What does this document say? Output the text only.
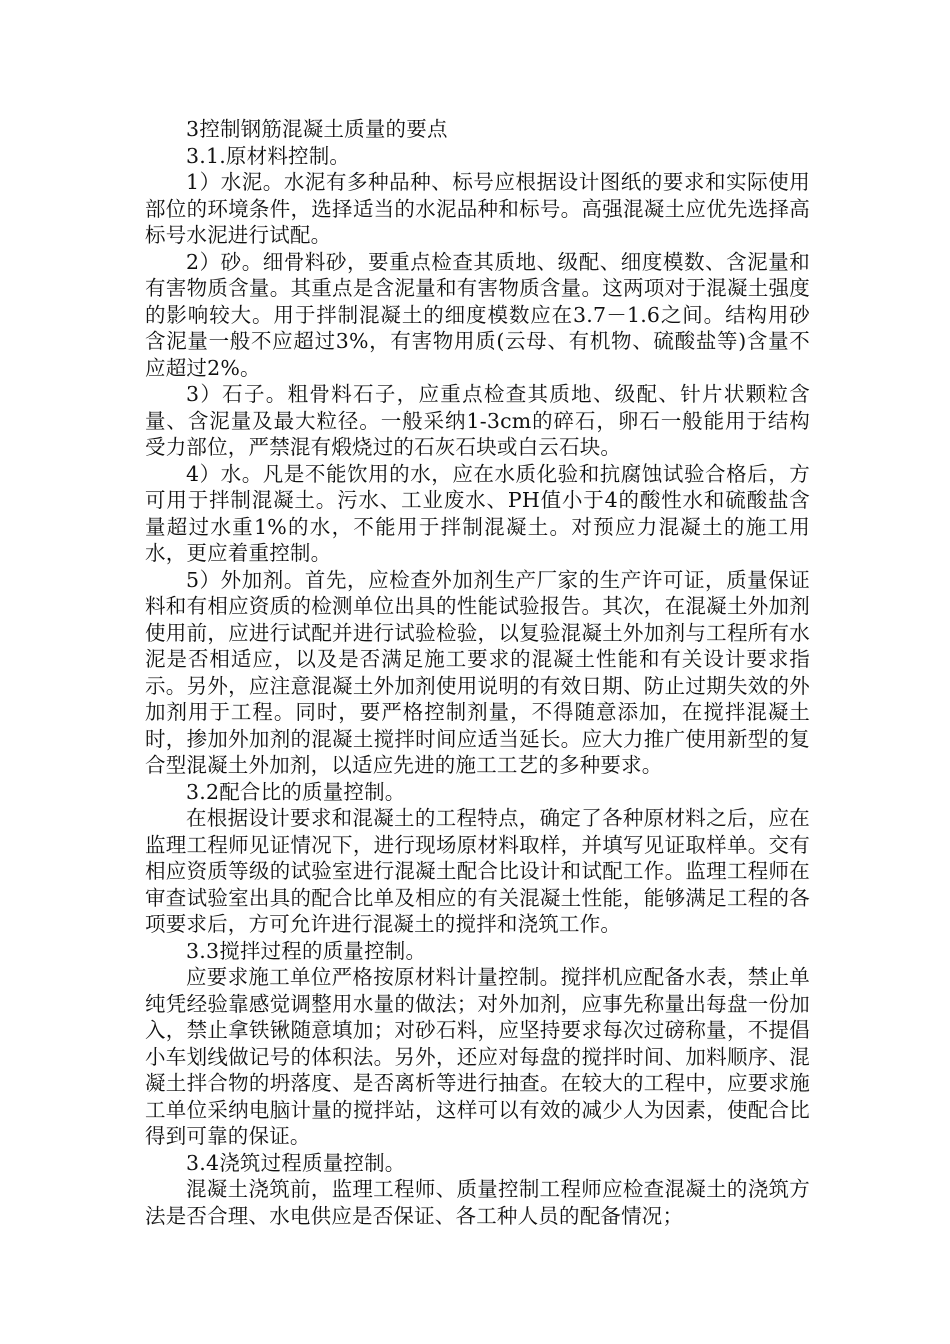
3控制钢筋混凝土质量的要点

3.1.原材料控制。

1）水泥。水泥有多种品种、标号应根据设计图纸的要求和实际使用部位的环境条件，选择适当的水泥品种和标号。高强混凝土应优先选择高标号水泥进行试配。

2）砂。细骨料砂，要重点检查其质地、级配、细度模数、含泥量和有害物质含量。其重点是含泥量和有害物质含量。这两项对于混凝土强度的影响较大。用于拌制混凝土的细度模数应在3.7－1.6之间。结构用砂含泥量一般不应超过3%，有害物用质(云母、有机物、硫酸盐等)含量不应超过2%。

3）石子。粗骨料石子，应重点检查其质地、级配、针片状颗粒含量、含泥量及最大粒径。一般采纳1-3cm的碎石，卵石一般能用于结构受力部位，严禁混有煅烧过的石灰石块或白云石块。

4）水。凡是不能饮用的水，应在水质化验和抗腐蚀试验合格后，方可用于拌制混凝土。污水、工业废水、PH值小于4的酸性水和硫酸盐含量超过水重1%的水，不能用于拌制混凝土。对预应力混凝土的施工用水，更应着重控制。

5）外加剂。首先，应检查外加剂生产厂家的生产许可证，质量保证料和有相应资质的检测单位出具的性能试验报告。其次，在混凝土外加剂使用前，应进行试配并进行试验检验，以复验混凝土外加剂与工程所有水泥是否相适应，以及是否满足施工要求的混凝土性能和有关设计要求指示。另外，应注意混凝土外加剂使用说明的有效日期、防止过期失效的外加剂用于工程。同时，要严格控制剂量，不得随意添加，在搅拌混凝土时，掺加外加剂的混凝土搅拌时间应适当延长。应大力推广使用新型的复合型混凝土外加剂，以适应先进的施工工艺的多种要求。

3.2配合比的质量控制。

在根据设计要求和混凝土的工程特点，确定了各种原材料之后，应在监理工程师见证情况下，进行现场原材料取样，并填写见证取样单。交有相应资质等级的试验室进行混凝土配合比设计和试配工作。监理工程师在审查试验室出具的配合比单及相应的有关混凝土性能，能够满足工程的各项要求后，方可允许进行混凝土的搅拌和浇筑工作。

3.3搅拌过程的质量控制。

应要求施工单位严格按原材料计量控制。搅拌机应配备水表，禁止单纯凭经验靠感觉调整用水量的做法；对外加剂，应事先称量出每盘一份加入，禁止拿铁锹随意填加；对砂石料，应坚持要求每次过磅称量，不提倡小车划线做记号的体积法。另外，还应对每盘的搅拌时间、加料顺序、混凝土拌合物的坍落度、是否离析等进行抽查。在较大的工程中，应要求施工单位采纳电脑计量的搅拌站，这样可以有效的减少人为因素，使配合比得到可靠的保证。

3.4浇筑过程质量控制。

混凝土浇筑前，监理工程师、质量控制工程师应检查混凝土的浇筑方法是否合理、水电供应是否保证、各工种人员的配备情况；
